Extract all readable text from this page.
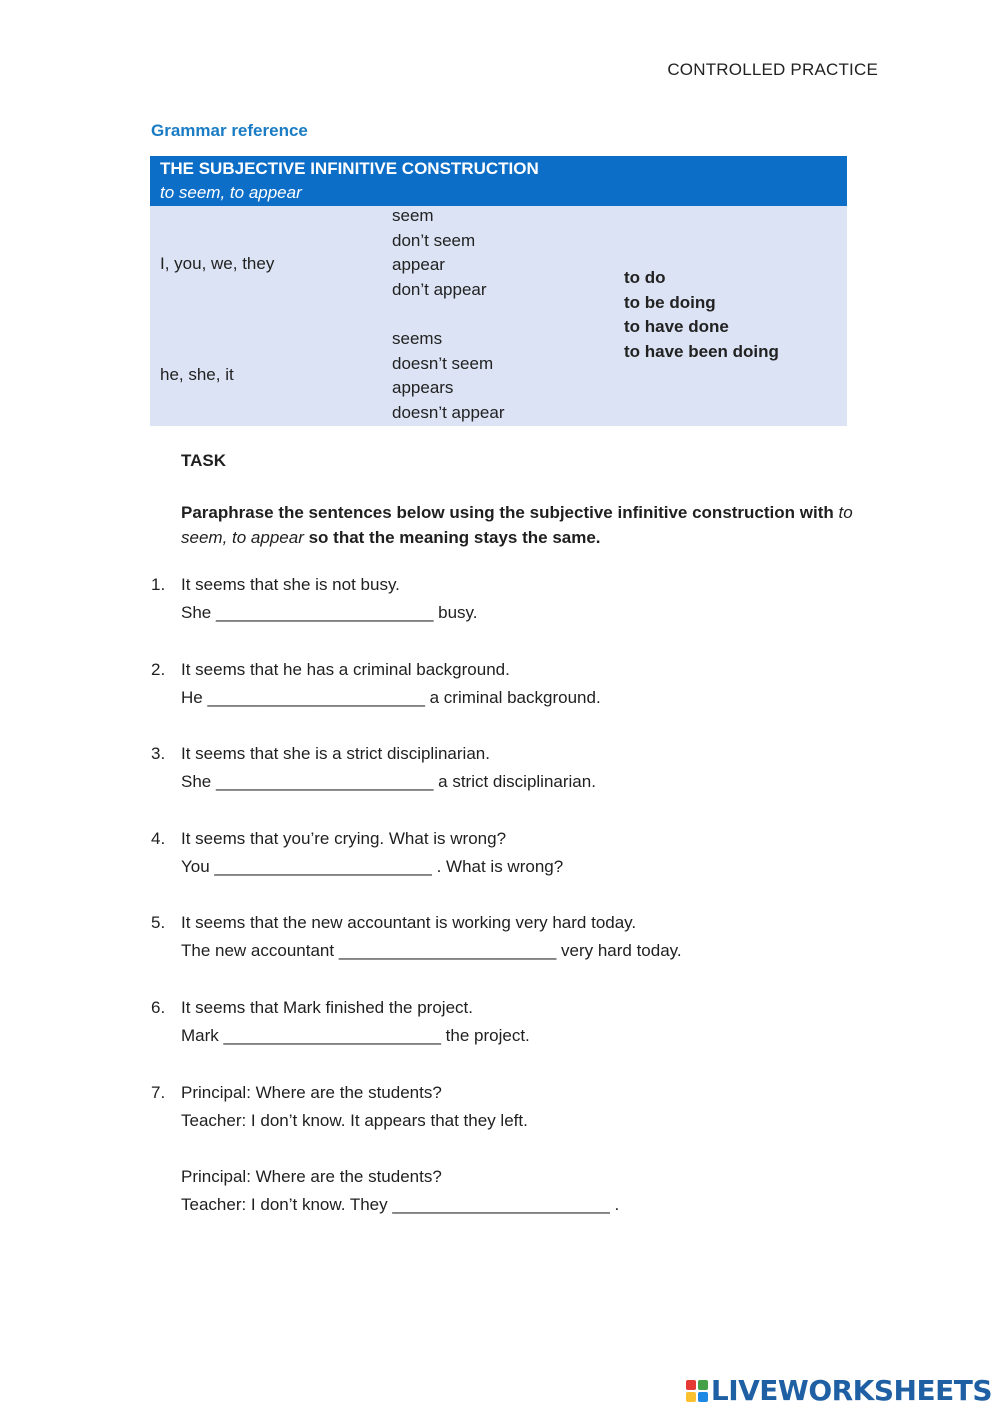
CONTROLLED PRACTICE
Grammar reference
THE SUBJECTIVE INFINITIVE CONSTRUCTION
to seem, to appear
I, you, we, they
seem
don’t seem
appear
don’t appear
he, she, it
seems
doesn’t seem
appears
doesn’t appear
to do
to be doing
to have done
to have been doing
TASK
Paraphrase the sentences below using the subjective infinitive construction with to seem, to appear so that the meaning stays the same.
1. It seems that she is not busy.
She _______________________ busy.
2. It seems that he has a criminal background.
He _______________________ a criminal background.
3. It seems that she is a strict disciplinarian.
She _______________________ a strict disciplinarian.
4. It seems that you’re crying. What is wrong?
You _______________________ . What is wrong?
5. It seems that the new accountant is working very hard today.
The new accountant _______________________ very hard today.
6. It seems that Mark finished the project.
Mark _______________________ the project.
7. Principal: Where are the students?
Teacher: I don’t know. It appears that they left.
Principal: Where are the students?
Teacher: I don’t know. They _______________________ .
LIVEWORKSHEETS
